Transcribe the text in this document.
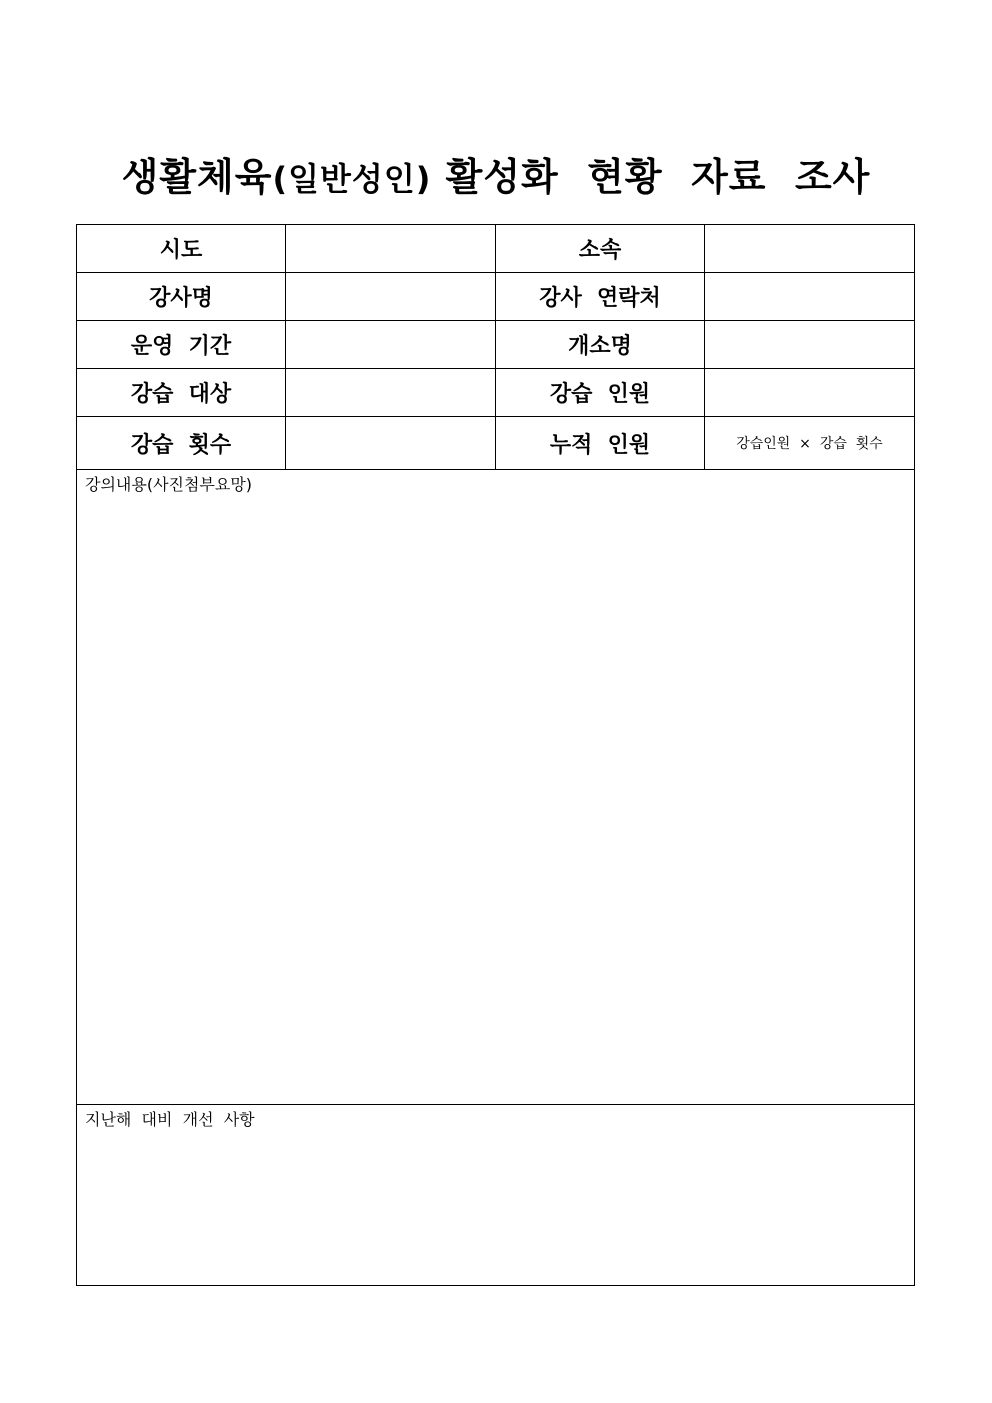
생활체육(일반성인) 활성화  현황  자료  조사
시도		소속	
강사명		강사  연락처	
운영  기간		개소명	
강습  대상		강습  인원	
강습  횟수		누적  인원	강습인원  ×  강습  횟수
강의내용(사진첨부요망)			
지난해  대비  개선  사항			
